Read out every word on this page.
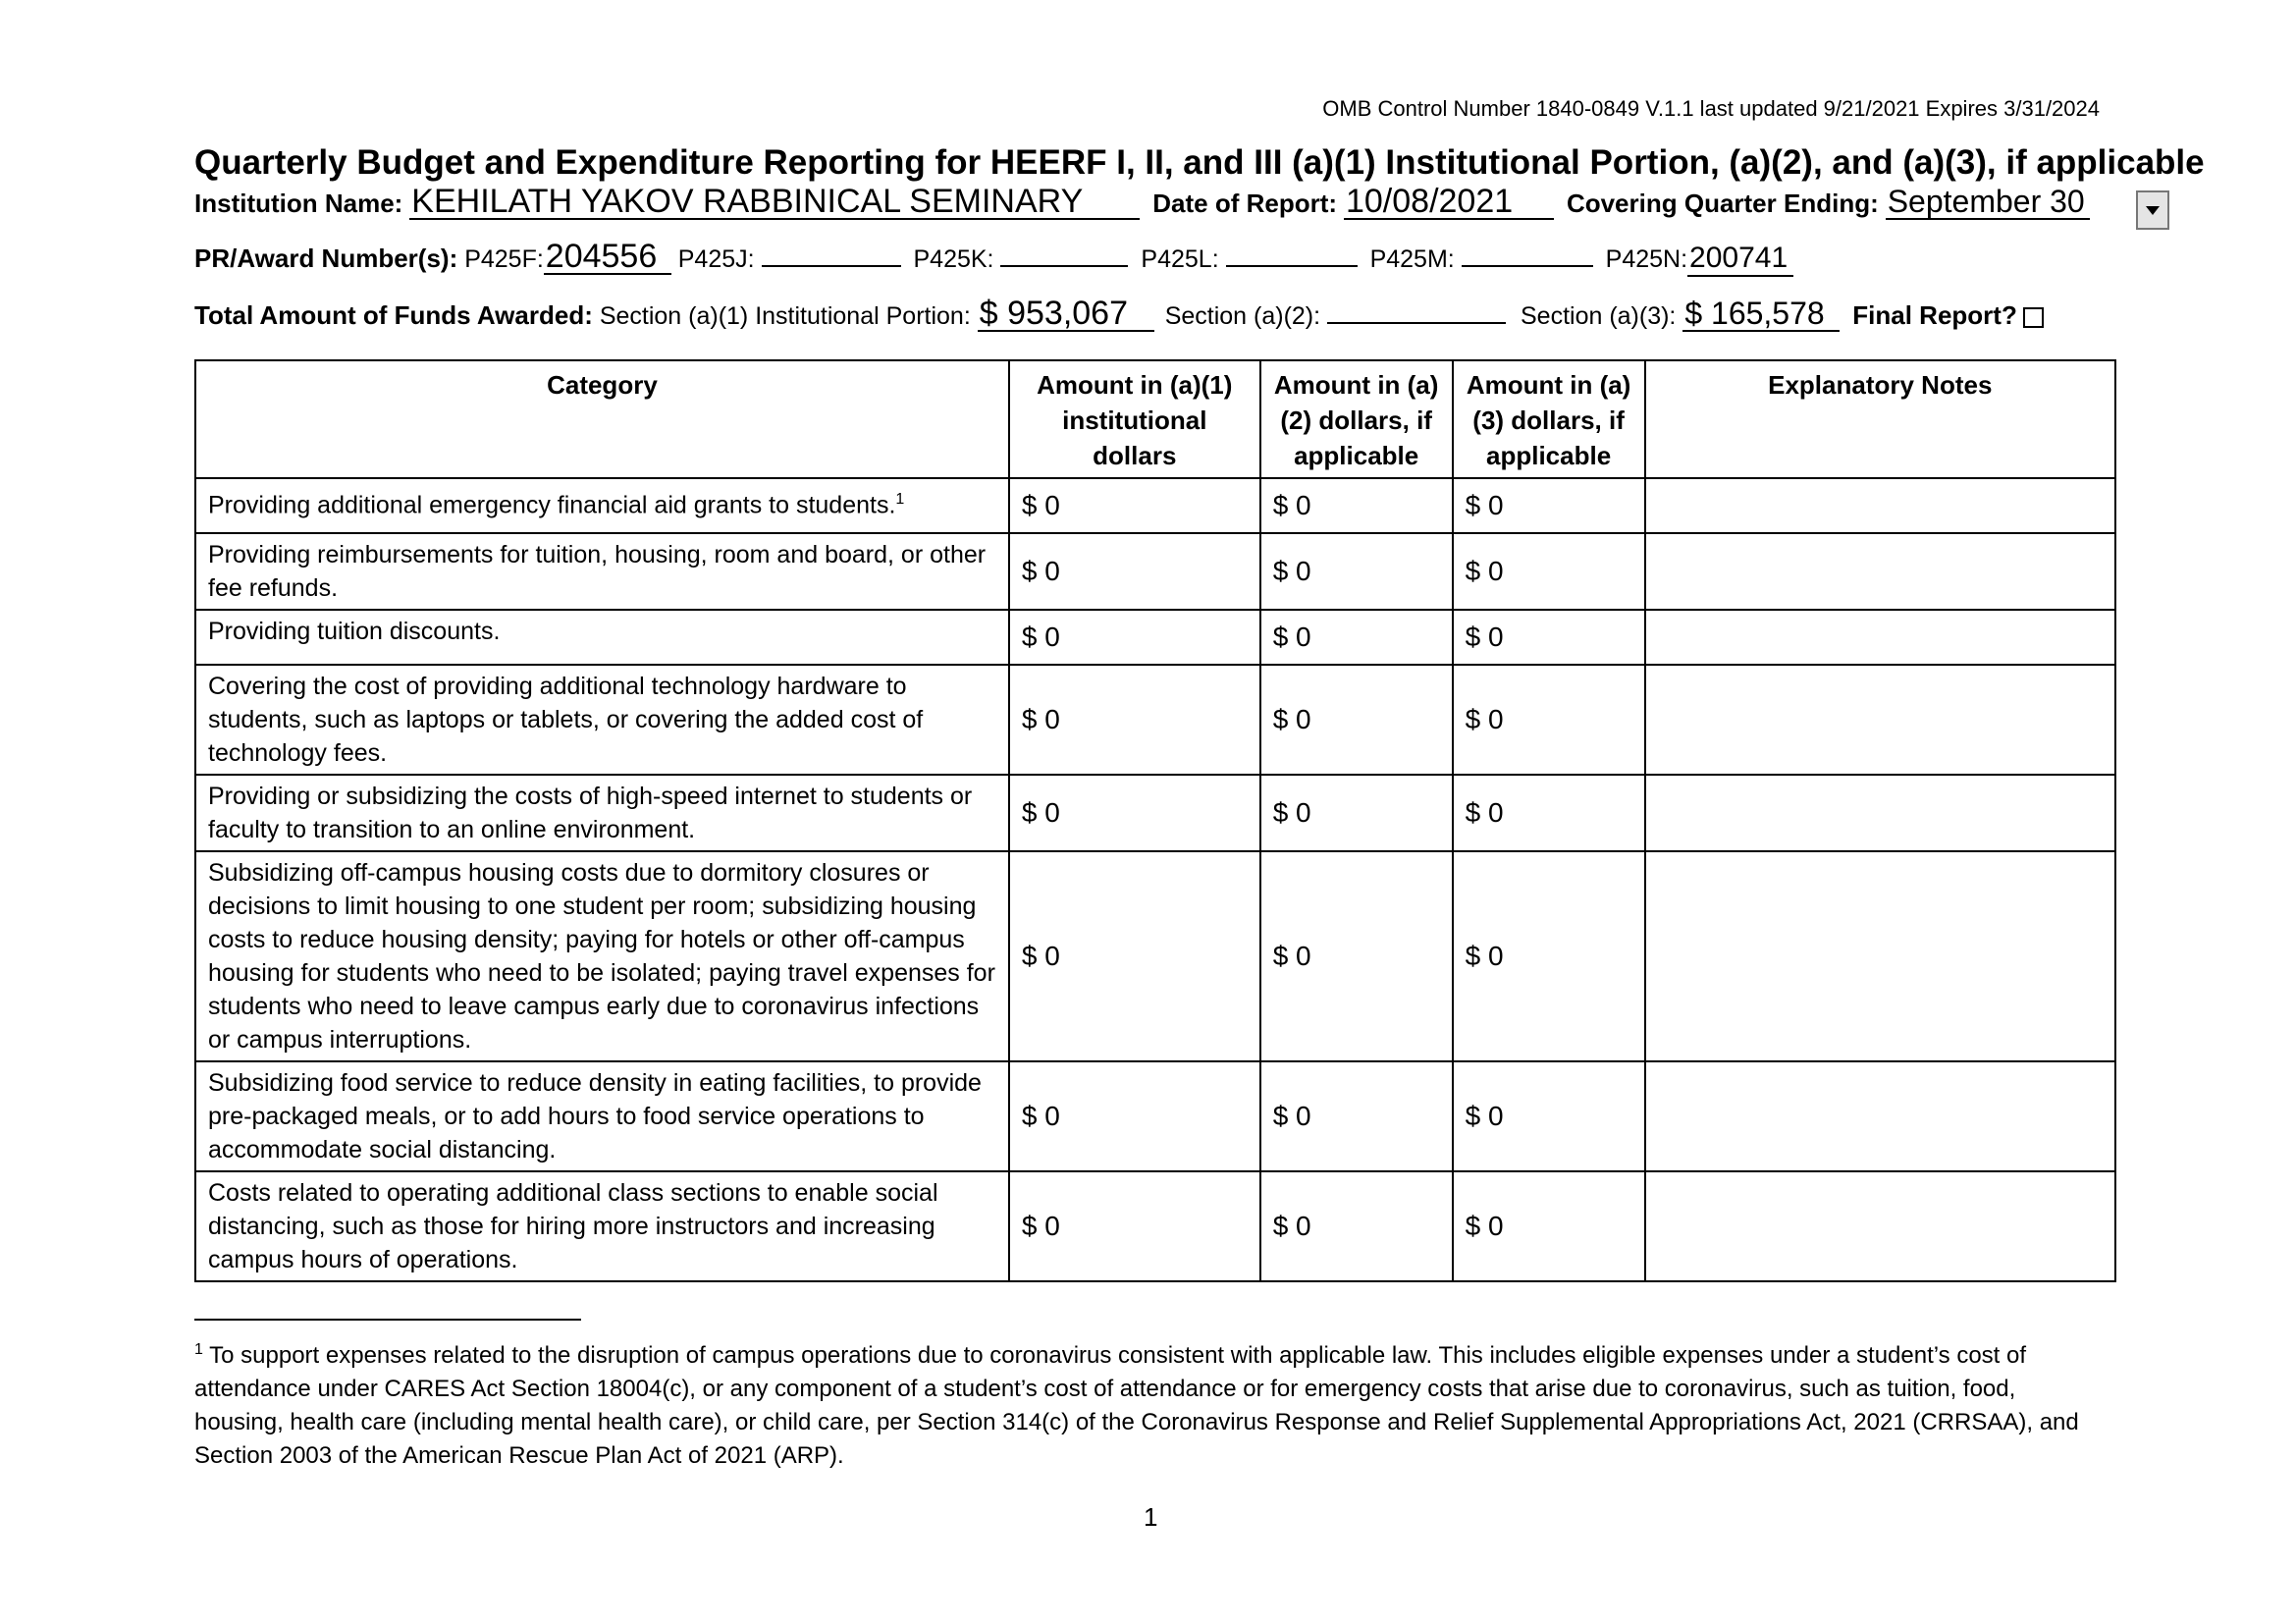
OMB Control Number 1840-0849 V.1.1 last updated 9/21/2021 Expires 3/31/2024
Quarterly Budget and Expenditure Reporting for HEERF I, II, and III (a)(1) Institutional Portion, (a)(2), and (a)(3), if applicable
Institution Name: KEHILATH YAKOV RABBINICAL SEMINARY	Date of Report: 10/08/2021 Covering Quarter Ending: September 30
PR/Award Number(s): P425F:204556 P425J:	P425K:	P425L:	P425M:	P425N:200741
Total Amount of Funds Awarded: Section (a)(1) Institutional Portion: $ 953,067 Section (a)(2):	Section (a)(3): $ 165,578 Final Report?
Category	Amount in (a)(1) institutional dollars	Amount in (a)(2) dollars, if applicable	Amount in (a)(3) dollars, if applicable	Explanatory Notes
Providing additional emergency financial aid grants to students.$^1$	$ 0	$ 0	$ 0	
Providing reimbursements for tuition, housing, room and board, or other fee refunds.	$ 0	$ 0	$ 0	
Providing tuition discounts.	$ 0	$ 0	$ 0	
Covering the cost of providing additional technology hardware to students, such as laptops or tablets, or covering the added cost of technology fees.	$ 0	$ 0	$ 0	
Providing or subsidizing the costs of high-speed internet to students or faculty to transition to an online environment.	$ 0	$ 0	$ 0	
Subsidizing off-campus housing costs due to dormitory closures or decisions to limit housing to one student per room; subsidizing housing costs to reduce housing density; paying for hotels or other off-campus housing for students who need to be isolated; paying travel expenses for students who need to leave campus early due to coronavirus infections or campus interruptions.	$ 0	$ 0	$ 0	
Subsidizing food service to reduce density in eating facilities, to provide pre-packaged meals, or to add hours to food service operations to accommodate social distancing.	$ 0	$ 0	$ 0	
Costs related to operating additional class sections to enable social distancing, such as those for hiring more instructors and increasing campus hours of operations.	$ 0	$ 0	$ 0	
$^1$ To support expenses related to the disruption of campus operations due to coronavirus consistent with applicable law. This includes eligible expenses under a student’s cost of attendance under CARES Act Section 18004(c), or any component of a student’s cost of attendance or for emergency costs that arise due to coronavirus, such as tuition, food, housing, health care (including mental health care), or child care, per Section 314(c) of the Coronavirus Response and Relief Supplemental Appropriations Act, 2021 (CRRSAA), and Section 2003 of the American Rescue Plan Act of 2021 (ARP).
1
